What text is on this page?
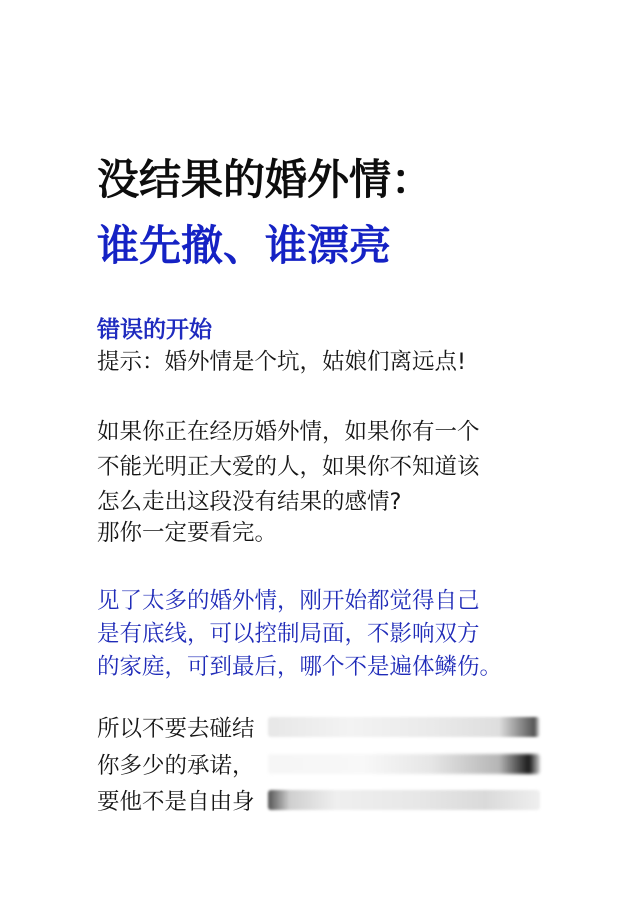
没结果的婚外情：
谁先撤、谁漂亮
错误的开始
提示：婚外情是个坑，姑娘们离远点!
如果你正在经历婚外情，如果你有一个
不能光明正大爱的人，如果你不知道该
怎么走出这段没有结果的感情?
那你一定要看完。
见了太多的婚外情，刚开始都觉得自己
是有底线，可以控制局面，不影响双方
的家庭，可到最后，哪个不是遍体鳞伤。
所以不要去碰结
你多少的承诺，
要他不是自由身
